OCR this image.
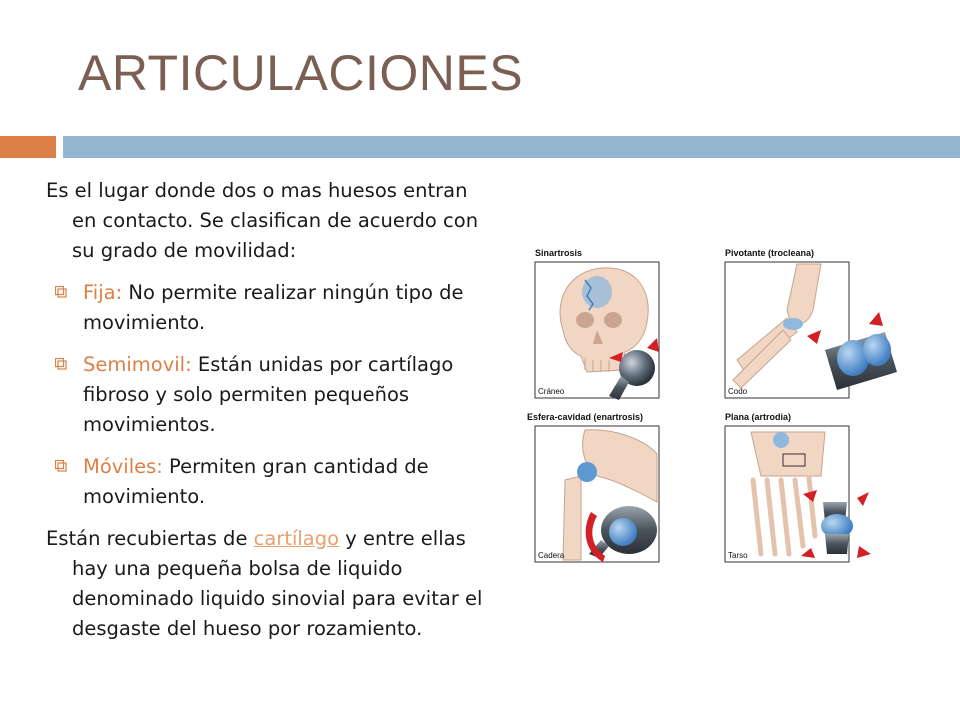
ARTICULACIONES

Es el lugar donde dos o mas huesos entran en contacto. Se clasifican de acuerdo con su grado de movilidad:

Fija: No permite realizar ningún tipo de movimiento.

Semimovil: Están unidas por cartílago fibroso y solo permiten pequeños movimientos.

Móviles: Permiten gran cantidad de movimiento.

Están recubiertas de cartílago y entre ellas hay una pequeña bolsa de liquido denominado liquido sinovial para evitar el desgaste del hueso por rozamiento.

Sinartrosis
Cráneo
Pivotante (trocleana)
Codo
Esfera-cavidad (enartrosis)
Cadera
Plana (artrodia)
Tarso
